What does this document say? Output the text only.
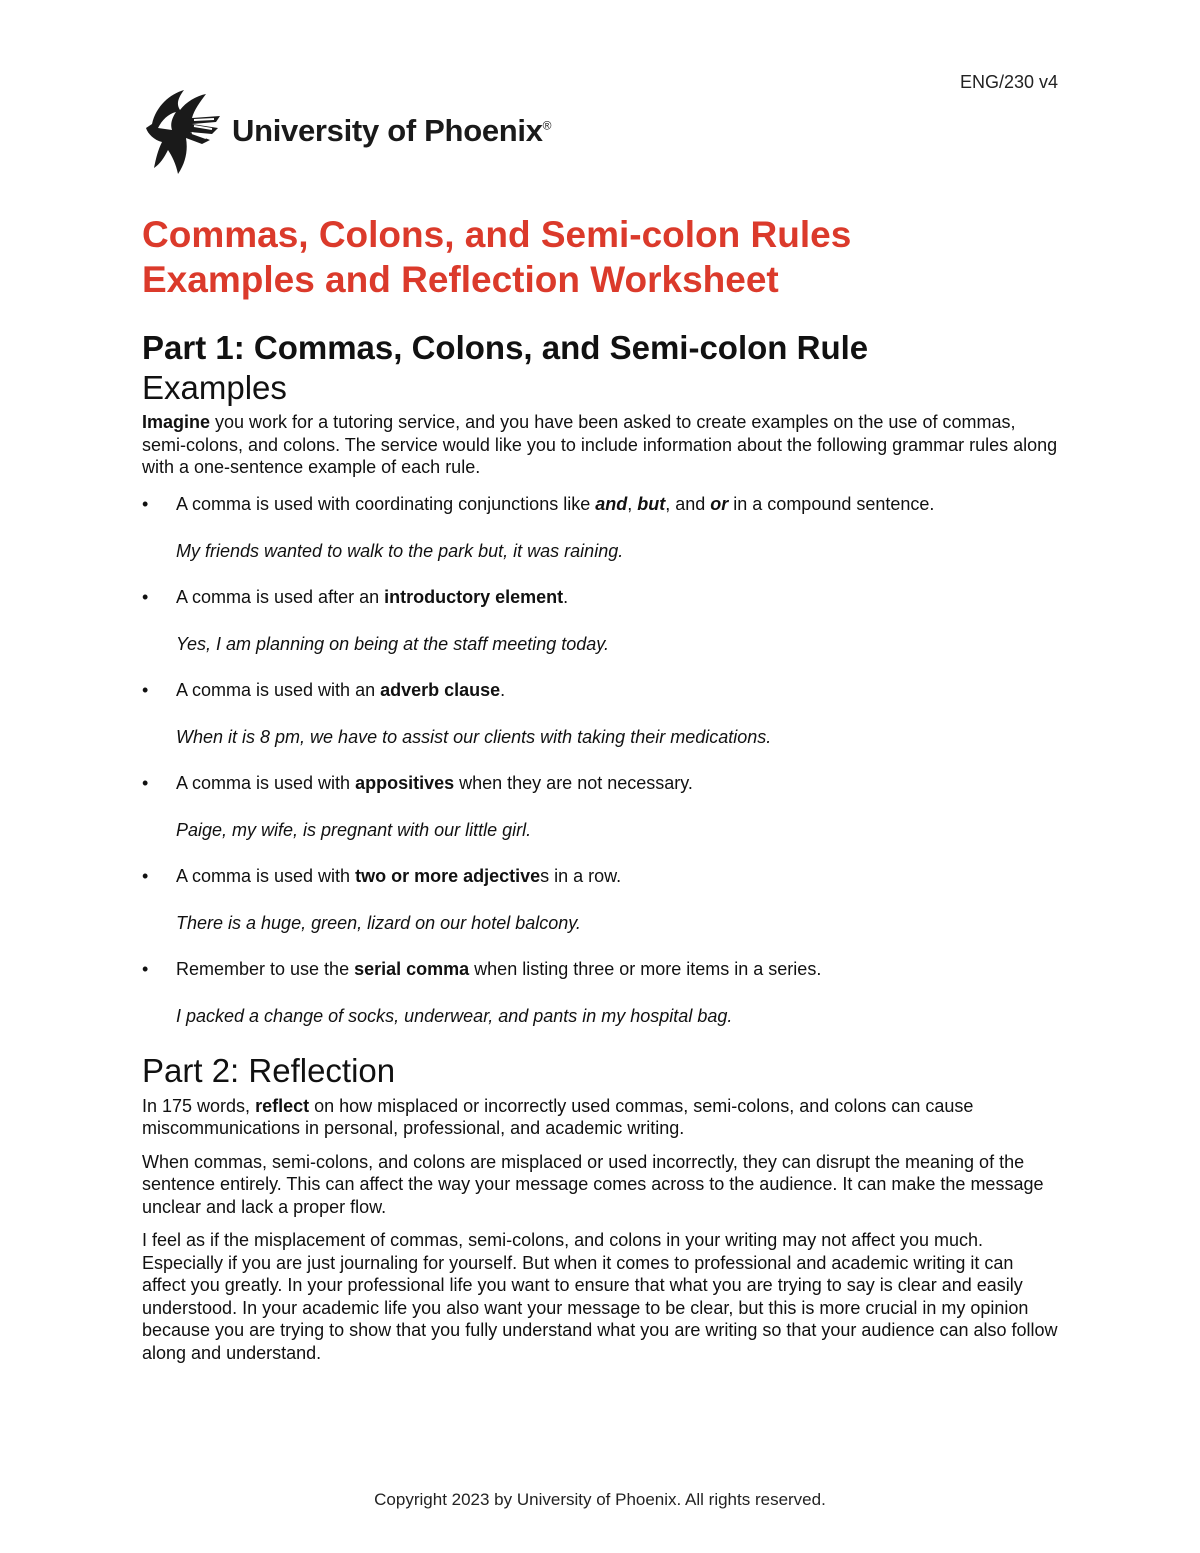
ENG/230 v4
University of Phoenix®
Commas, Colons, and Semi-colon Rules
Examples and Reflection Worksheet
Part 1: Commas, Colons, and Semi-colon Rule
Examples

Imagine you work for a tutoring service, and you have been asked to create examples on the use of commas, semi-colons, and colons. The service would like you to include information about the following grammar rules along with a one-sentence example of each rule.

• A comma is used with coordinating conjunctions like and, but, and or in a compound sentence.
My friends wanted to walk to the park but, it was raining.
• A comma is used after an introductory element.
Yes, I am planning on being at the staff meeting today.
• A comma is used with an adverb clause.
When it is 8 pm, we have to assist our clients with taking their medications.
• A comma is used with appositives when they are not necessary.
Paige, my wife, is pregnant with our little girl.
• A comma is used with two or more adjectives in a row.
There is a huge, green, lizard on our hotel balcony.
• Remember to use the serial comma when listing three or more items in a series.
I packed a change of socks, underwear, and pants in my hospital bag.
Part 2: Reflection

In 175 words, reflect on how misplaced or incorrectly used commas, semi-colons, and colons can cause miscommunications in personal, professional, and academic writing.

When commas, semi-colons, and colons are misplaced or used incorrectly, they can disrupt the meaning of the sentence entirely. This can affect the way your message comes across to the audience. It can make the message unclear and lack a proper flow.

I feel as if the misplacement of commas, semi-colons, and colons in your writing may not affect you much. Especially if you are just journaling for yourself. But when it comes to professional and academic writing it can affect you greatly. In your professional life you want to ensure that what you are trying to say is clear and easily understood. In your academic life you also want your message to be clear, but this is more crucial in my opinion because you are trying to show that you fully understand what you are writing so that your audience can also follow along and understand.

Copyright 2023 by University of Phoenix. All rights reserved.
